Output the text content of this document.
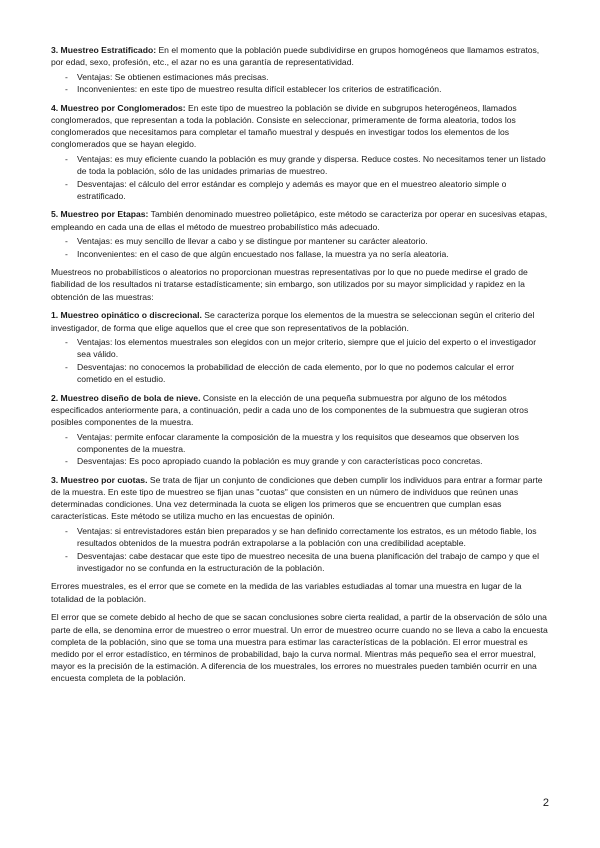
3. Muestreo Estratificado: En el momento que la población puede subdividirse en grupos homogéneos que llamamos estratos, por edad, sexo, profesión, etc., el azar no es una garantía de representatividad.

- Ventajas: Se obtienen estimaciones más precisas.
- Inconvenientes: en este tipo de muestreo resulta difícil establecer los criterios de estratificación.

4. Muestreo por Conglomerados: En este tipo de muestreo la población se divide en subgrupos heterogéneos, llamados conglomerados, que representan a toda la población. Consiste en seleccionar, primeramente de forma aleatoria, todos los conglomerados que necesitamos para completar el tamaño muestral y después en investigar todos los elementos de los conglomerados que se hayan elegido.

- Ventajas: es muy eficiente cuando la población es muy grande y dispersa. Reduce costes. No necesitamos tener un listado de toda la población, sólo de las unidades primarias de muestreo.
- Desventajas: el cálculo del error estándar es complejo y además es mayor que en el muestreo aleatorio simple o estratificado.

5. Muestreo por Etapas: También denominado muestreo polietápico, este método se caracteriza por operar en sucesivas etapas, empleando en cada una de ellas el método de muestreo probabilístico más adecuado.

- Ventajas: es muy sencillo de llevar a cabo y se distingue por mantener su carácter aleatorio.
- Inconvenientes: en el caso de que algún encuestado nos fallase, la muestra ya no sería aleatoria.

Muestreos no probabilísticos o aleatorios no proporcionan muestras representativas por lo que no puede medirse el grado de fiabilidad de los resultados ni tratarse estadísticamente; sin embargo, son utilizados por su mayor simplicidad y rapidez en la obtención de las muestras:

1. Muestreo opinático o discrecional. Se caracteriza porque los elementos de la muestra se seleccionan según el criterio del investigador, de forma que elige aquellos que el cree que son representativos de la población.

- Ventajas: los elementos muestrales son elegidos con un mejor criterio, siempre que el juicio del experto o el investigador sea válido.
- Desventajas: no conocemos la probabilidad de elección de cada elemento, por lo que no podemos calcular el error cometido en el estudio.

2. Muestreo diseño de bola de nieve. Consiste en la elección de una pequeña submuestra por alguno de los métodos especificados anteriormente para, a continuación, pedir a cada uno de los componentes de la submuestra que sugieran otros posibles componentes de la muestra.

- Ventajas: permite enfocar claramente la composición de la muestra y los requisitos que deseamos que observen los componentes de la muestra.
- Desventajas: Es poco apropiado cuando la población es muy grande y con características poco concretas.

3. Muestreo por cuotas. Se trata de fijar un conjunto de condiciones que deben cumplir los individuos para entrar a formar parte de la muestra. En este tipo de muestreo se fijan unas "cuotas" que consisten en un número de individuos que reúnen unas determinadas condiciones. Una vez determinada la cuota se eligen los primeros que se encuentren que cumplan esas características. Este método se utiliza mucho en las encuestas de opinión.

- Ventajas: si entrevistadores están bien preparados y se han definido correctamente los estratos, es un método fiable, los resultados obtenidos de la muestra podrán extrapolarse a la población con una credibilidad aceptable.
- Desventajas: cabe destacar que este tipo de muestreo necesita de una buena planificación del trabajo de campo y que el investigador no se confunda en la estructuración de la población.

Errores muestrales, es el error que se comete en la medida de las variables estudiadas al tomar una muestra en lugar de la totalidad de la población.

El error que se comete debido al hecho de que se sacan conclusiones sobre cierta realidad, a partir de la observación de sólo una parte de ella, se denomina error de muestreo o error muestral. Un error de muestreo ocurre cuando no se lleva a cabo la encuesta completa de la población, sino que se toma una muestra para estimar las características de la población. El error muestral es medido por el error estadístico, en términos de probabilidad, bajo la curva normal. Mientras más pequeño sea el error muestral, mayor es la precisión de la estimación. A diferencia de los muestrales, los errores no muestrales pueden también ocurrir en una encuesta completa de la población.

2
